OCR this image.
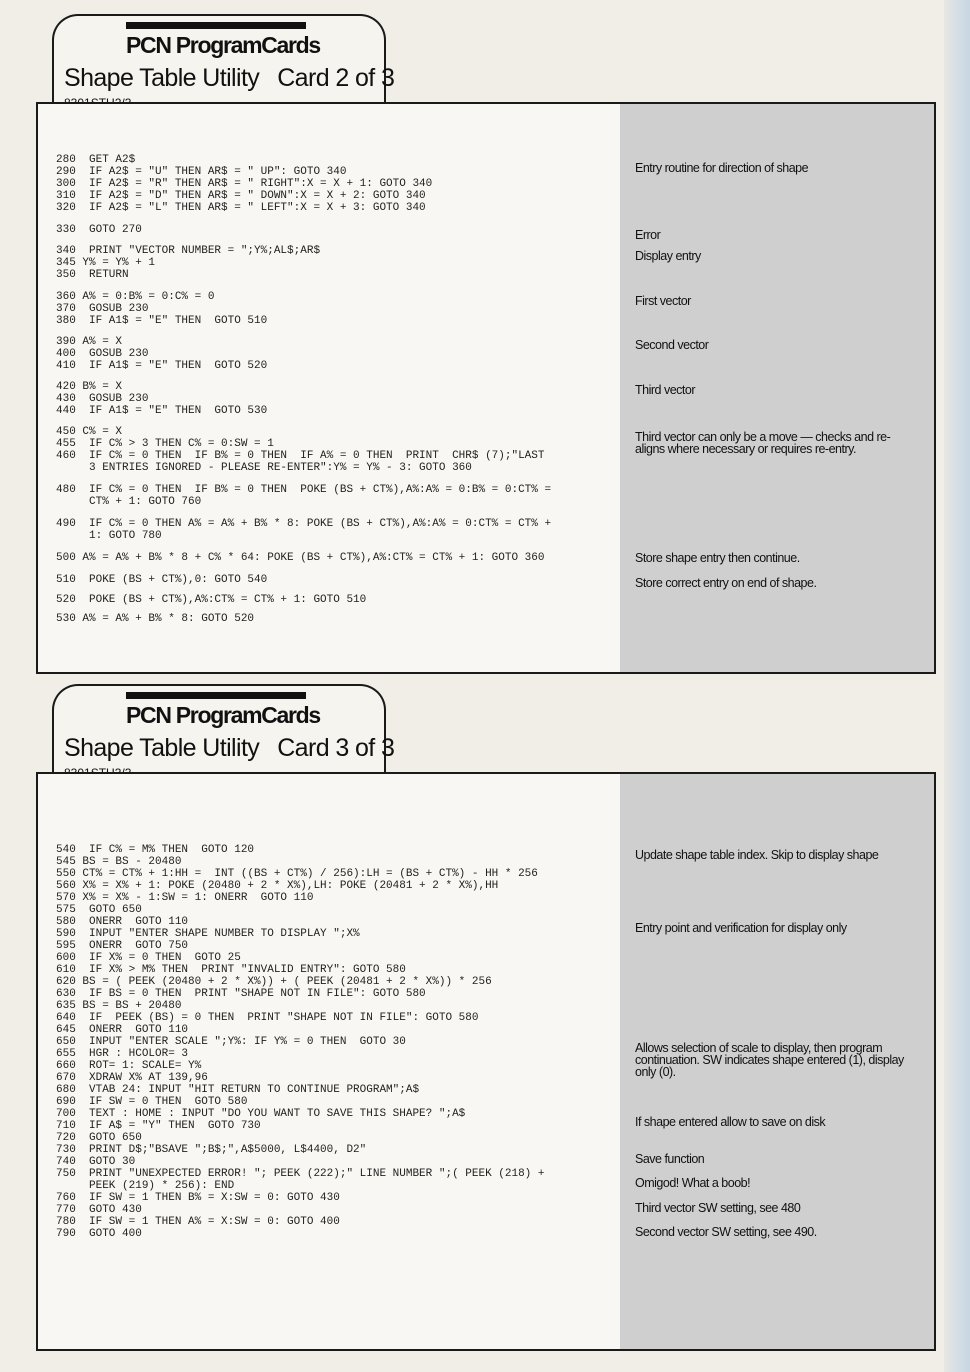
PCN ProgramCards
Shape Table Utility Card 2 of 3
280  GET A2$
290  IF A2$ = "U" THEN AR$ = " UP": GOTO 340
300  IF A2$ = "R" THEN AR$ = " RIGHT":X = X + 1: GOTO 340
310  IF A2$ = "D" THEN AR$ = " DOWN":X = X + 2: GOTO 340
320  IF A2$ = "L" THEN AR$ = " LEFT":X = X + 3: GOTO 340
330  GOTO 270
340  PRINT "VECTOR NUMBER = ";Y%;AL$;AR$
345 Y% = Y% + 1
350  RETURN
360 A% = 0:B% = 0:C% = 0
370  GOSUB 230
380  IF A1$ = "E" THEN  GOTO 510
390 A% = X
400  GOSUB 230
410  IF A1$ = "E" THEN  GOTO 520
420 B% = X
430  GOSUB 230
440  IF A1$ = "E" THEN  GOTO 530
450 C% = X
455  IF C% > 3 THEN C% = 0:SW = 1
460  IF C% = 0 THEN  IF B% = 0 THEN  IF A% = 0 THEN  PRINT  CHR$ (7);"LAST
3 ENTRIES IGNORED - PLEASE RE-ENTER":Y% = Y% - 3: GOTO 360
480  IF C% = 0 THEN  IF B% = 0 THEN  POKE (BS + CT%),A%:A% = 0:B% = 0:CT% =
CT% + 1: GOTO 760
490  IF C% = 0 THEN A% = A% + B% * 8: POKE (BS + CT%),A%:A% = 0:CT% = CT% +
1: GOTO 780
500 A% = A% + B% * 8 + C% * 64: POKE (BS + CT%),A%:CT% = CT% + 1: GOTO 360
510  POKE (BS + CT%),0: GOTO 540
520  POKE (BS + CT%),A%:CT% = CT% + 1: GOTO 510
530 A% = A% + B% * 8: GOTO 520
Entry routine for direction of shape
Error
Display entry
First vector
Second vector
Third vector
Third vector can only be a move — checks and re-aligns where necessary or requires re-entry.
Store shape entry then continue.
Store correct entry on end of shape.
PCN ProgramCards
Shape Table Utility Card 3 of 3
540  IF C% = M% THEN  GOTO 120
545 BS = BS - 20480
550 CT% = CT% + 1:HH =  INT ((BS + CT%) / 256):LH = (BS + CT%) - HH * 256
560 X% = X% + 1: POKE (20480 + 2 * X%),LH: POKE (20481 + 2 * X%),HH
570 X% = X% - 1:SW = 1: ONERR  GOTO 110
575  GOTO 650
580  ONERR  GOTO 110
590  INPUT "ENTER SHAPE NUMBER TO DISPLAY ";X%
595  ONERR  GOTO 750
600  IF X% = 0 THEN  GOTO 25
610  IF X% > M% THEN  PRINT "INVALID ENTRY": GOTO 580
620 BS = ( PEEK (20480 + 2 * X%)) + ( PEEK (20481 + 2 * X%)) * 256
630  IF BS = 0 THEN  PRINT "SHAPE NOT IN FILE": GOTO 580
635 BS = BS + 20480
640  IF  PEEK (BS) = 0 THEN  PRINT "SHAPE NOT IN FILE": GOTO 580
645  ONERR  GOTO 110
650  INPUT "ENTER SCALE ";Y%: IF Y% = 0 THEN  GOTO 30
655  HGR : HCOLOR= 3
660  ROT= 1: SCALE= Y%
670  XDRAW X% AT 139,96
680  VTAB 24: INPUT "HIT RETURN TO CONTINUE PROGRAM";A$
690  IF SW = 0 THEN  GOTO 580
700  TEXT : HOME : INPUT "DO YOU WANT TO SAVE THIS SHAPE? ";A$
710  IF A$ = "Y" THEN  GOTO 730
720  GOTO 650
730  PRINT D$;"BSAVE ";B$;",A$5000, L$4400, D2"
740  GOTO 30
750  PRINT "UNEXPECTED ERROR! "; PEEK (222);" LINE NUMBER ";( PEEK (218) +
PEEK (219) * 256): END
760  IF SW = 1 THEN B% = X:SW = 0: GOTO 430
770  GOTO 430
780  IF SW = 1 THEN A% = X:SW = 0: GOTO 400
790  GOTO 400
Update shape table index. Skip to display shape
Entry point and verification for display only
Allows selection of scale to display, then program continuation. SW indicates shape entered (1), display only (0).
If shape entered allow to save on disk
Save function
Omigod! What a boob!
Third vector SW setting, see 480
Second vector SW setting, see 490.
